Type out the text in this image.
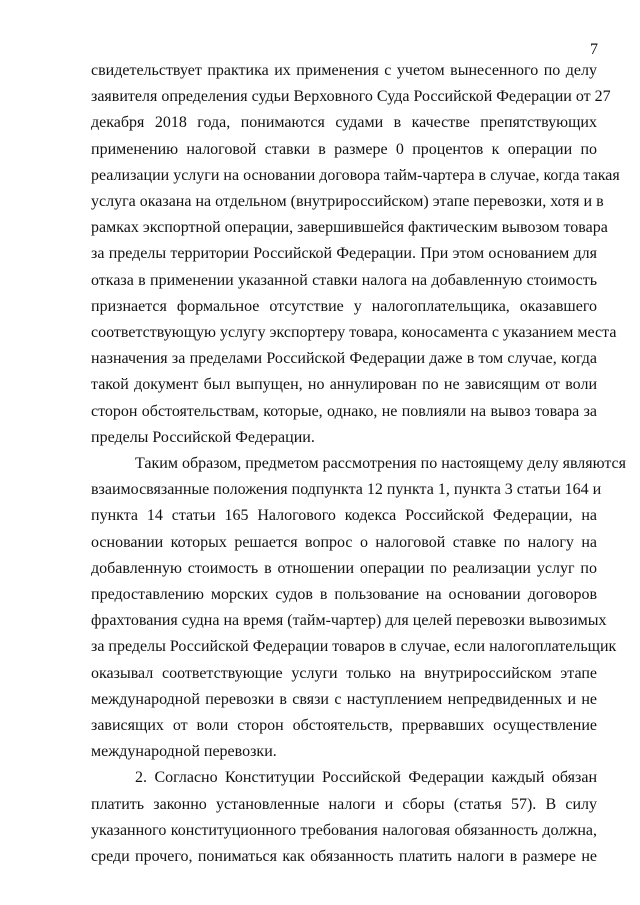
7
свидетельствует практика их применения с учетом вынесенного по делу
заявителя определения судьи Верховного Суда Российской Федерации от 27
декабря 2018 года, понимаются судами в качестве препятствующих
применению налоговой ставки в размере 0 процентов к операции по
реализации услуги на основании договора тайм-чартера в случае, когда такая
услуга оказана на отдельном (внутрироссийском) этапе перевозки, хотя и в
рамках экспортной операции, завершившейся фактическим вывозом товара
за пределы территории Российской Федерации. При этом основанием для
отказа в применении указанной ставки налога на добавленную стоимость
признается формальное отсутствие у налогоплательщика, оказавшего
соответствующую услугу экспортеру товара, коносамента с указанием места
назначения за пределами Российской Федерации даже в том случае, когда
такой документ был выпущен, но аннулирован по не зависящим от воли
сторон обстоятельствам, которые, однако, не повлияли на вывоз товара за
пределы Российской Федерации.
Таким образом, предметом рассмотрения по настоящему делу являются
взаимосвязанные положения подпункта 12 пункта 1, пункта 3 статьи 164 и
пункта 14 статьи 165 Налогового кодекса Российской Федерации, на
основании которых решается вопрос о налоговой ставке по налогу на
добавленную стоимость в отношении операции по реализации услуг по
предоставлению морских судов в пользование на основании договоров
фрахтования судна на время (тайм-чартер) для целей перевозки вывозимых
за пределы Российской Федерации товаров в случае, если налогоплательщик
оказывал соответствующие услуги только на внутрироссийском этапе
международной перевозки в связи с наступлением непредвиденных и не
зависящих от воли сторон обстоятельств, прервавших осуществление
международной перевозки.
2. Согласно Конституции Российской Федерации каждый обязан
платить законно установленные налоги и сборы (статья 57). В силу
указанного конституционного требования налоговая обязанность должна,
среди прочего, пониматься как обязанность платить налоги в размере не
